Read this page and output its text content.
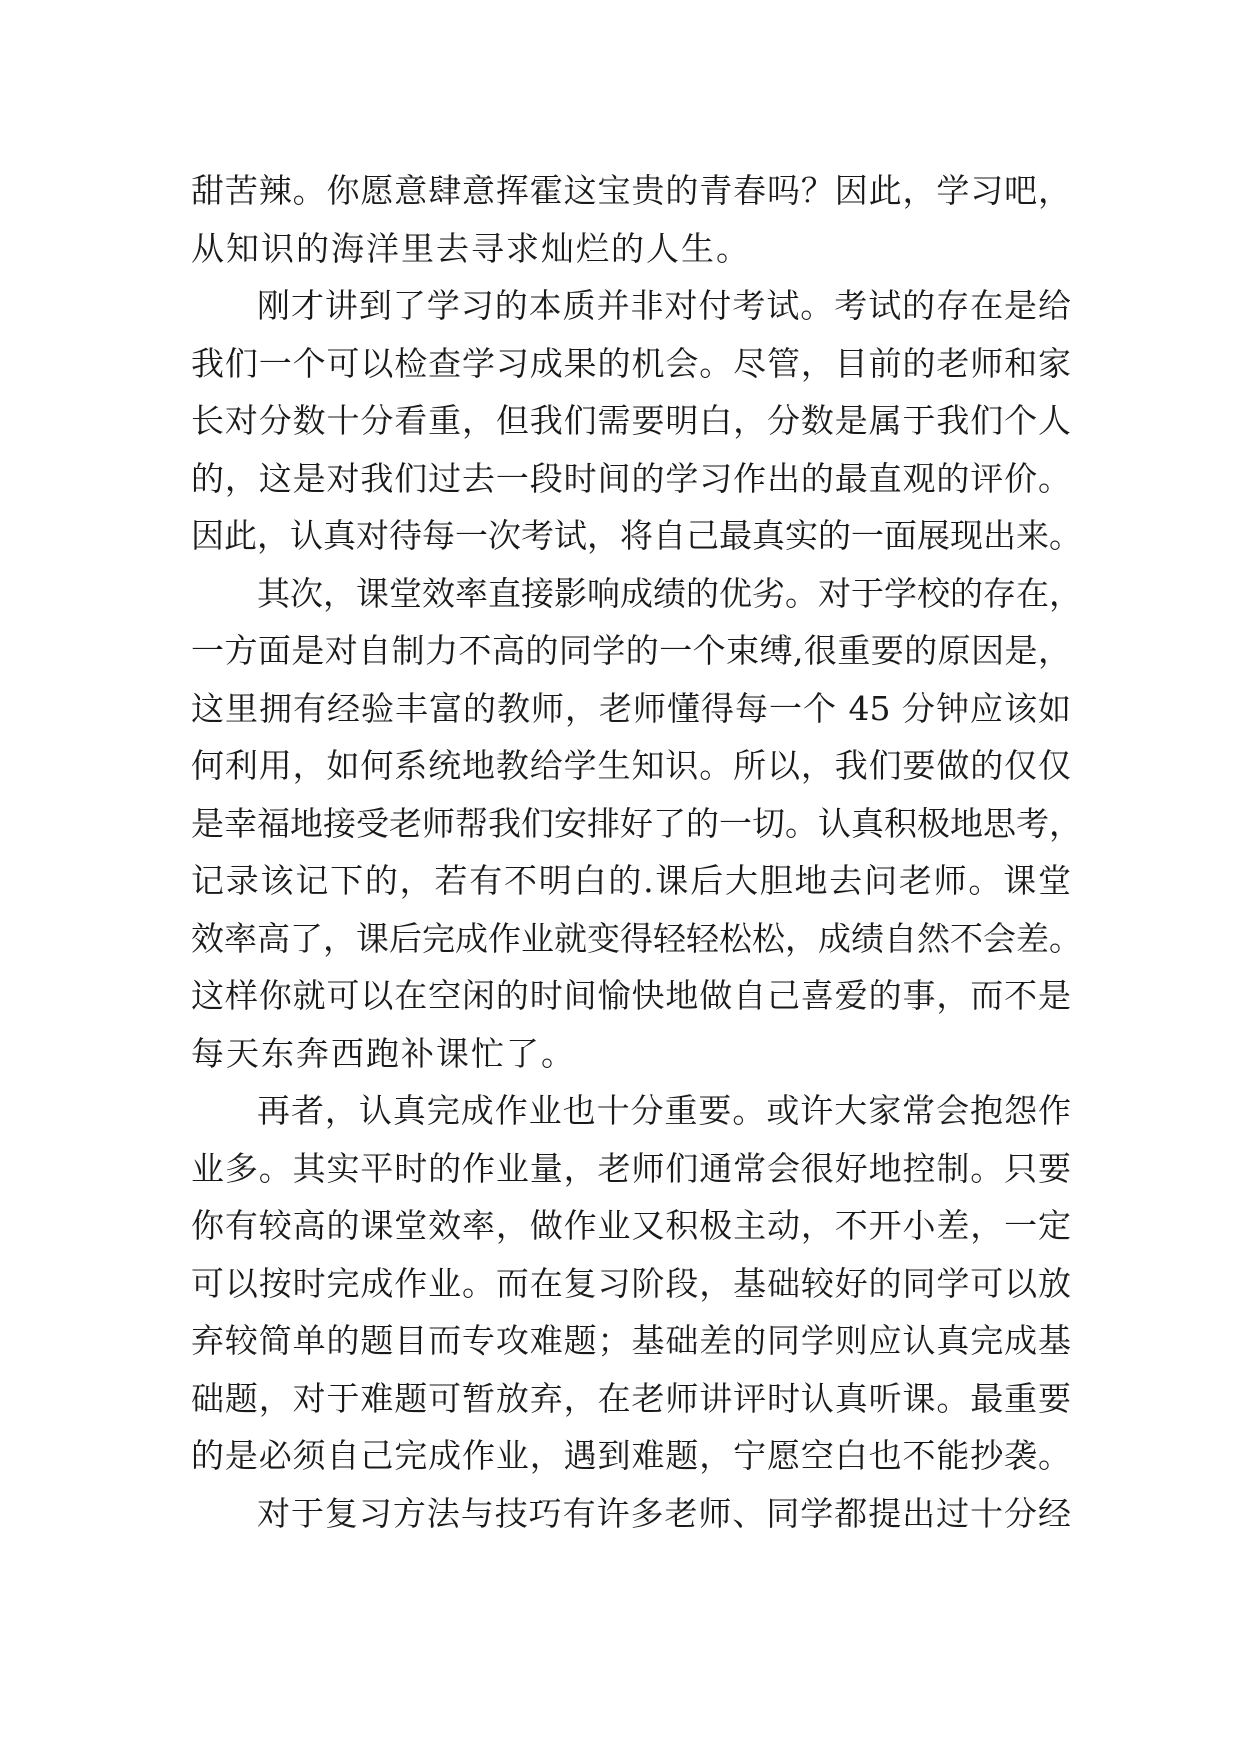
甜苦辣。你愿意肆意挥霍这宝贵的青春吗？因此，学习吧，
从知识的海洋里去寻求灿烂的人生。
刚才讲到了学习的本质并非对付考试。考试的存在是给
我们一个可以检查学习成果的机会。尽管，目前的老师和家
长对分数十分看重，但我们需要明白，分数是属于我们个人
的，这是对我们过去一段时间的学习作出的最直观的评价。
因此，认真对待每一次考试，将自己最真实的一面展现出来。
其次，课堂效率直接影响成绩的优劣。对于学校的存在，
一方面是对自制力不高的同学的一个束缚,很重要的原因是，
这里拥有经验丰富的教师，老师懂得每一个 45 分钟应该如
何利用，如何系统地教给学生知识。所以，我们要做的仅仅
是幸福地接受老师帮我们安排好了的一切。认真积极地思考，
记录该记下的，若有不明白的.课后大胆地去问老师。课堂
效率高了，课后完成作业就变得轻轻松松，成绩自然不会差。
这样你就可以在空闲的时间愉快地做自己喜爱的事，而不是
每天东奔西跑补课忙了。
再者，认真完成作业也十分重要。或许大家常会抱怨作
业多。其实平时的作业量，老师们通常会很好地控制。只要
你有较高的课堂效率，做作业又积极主动，不开小差，一定
可以按时完成作业。而在复习阶段，基础较好的同学可以放
弃较简单的题目而专攻难题；基础差的同学则应认真完成基
础题，对于难题可暂放弃，在老师讲评时认真听课。最重要
的是必须自己完成作业，遇到难题，宁愿空白也不能抄袭。
对于复习方法与技巧有许多老师、同学都提出过十分经
